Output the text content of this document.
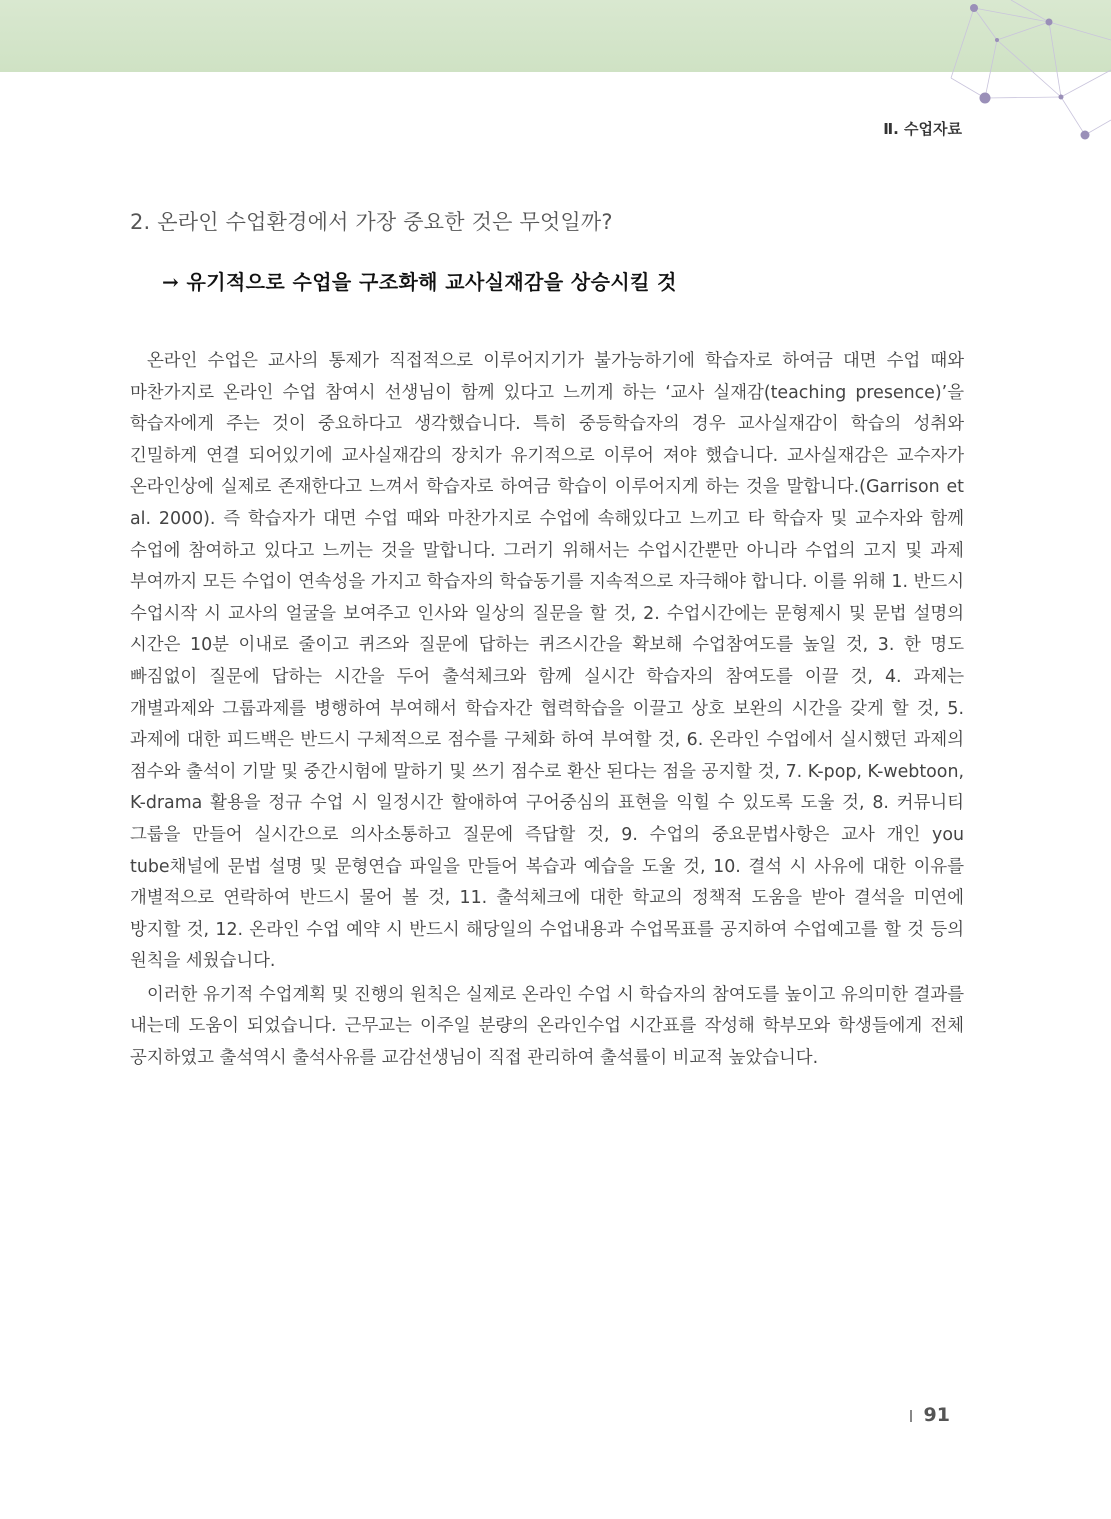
Ⅱ. 수업자료
2. 온라인 수업환경에서 가장 중요한 것은 무엇일까?
→ 유기적으로 수업을 구조화해 교사실재감을 상승시킬 것

온라인 수업은 교사의 통제가 직접적으로 이루어지기가 불가능하기에 학습자로 하여금 대면 수업 때와 마찬가지로 온라인 수업 참여시 선생님이 함께 있다고 느끼게 하는 ‘교사 실재감(teaching presence)’을 학습자에게 주는 것이 중요하다고 생각했습니다. 특히 중등학습자의 경우 교사실재감이 학습의 성취와 긴밀하게 연결 되어있기에 교사실재감의 장치가 유기적으로 이루어 져야 했습니다. 교사실재감은 교수자가 온라인상에 실제로 존재한다고 느껴서 학습자로 하여금 학습이 이루어지게 하는 것을 말합니다.(Garrison et al. 2000). 즉 학습자가 대면 수업 때와 마찬가지로 수업에 속해있다고 느끼고 타 학습자 및 교수자와 함께 수업에 참여하고 있다고 느끼는 것을 말합니다. 그러기 위해서는 수업시간뿐만 아니라 수업의 고지 및 과제 부여까지 모든 수업이 연속성을 가지고 학습자의 학습동기를 지속적으로 자극해야 합니다. 이를 위해 1. 반드시 수업시작 시 교사의 얼굴을 보여주고 인사와 일상의 질문을 할 것, 2. 수업시간에는 문형제시 및 문법 설명의 시간은 10분 이내로 줄이고 퀴즈와 질문에 답하는 퀴즈시간을 확보해 수업참여도를 높일 것, 3. 한 명도 빠짐없이 질문에 답하는 시간을 두어 출석체크와 함께 실시간 학습자의 참여도를 이끌 것, 4. 과제는 개별과제와 그룹과제를 병행하여 부여해서 학습자간 협력학습을 이끌고 상호 보완의 시간을 갖게 할 것, 5. 과제에 대한 피드백은 반드시 구체적으로 점수를 구체화 하여 부여할 것, 6. 온라인 수업에서 실시했던 과제의 점수와 출석이 기말 및 중간시험에 말하기 및 쓰기 점수로 환산 된다는 점을 공지할 것, 7. K-pop, K-webtoon, K-drama 활용을 정규 수업 시 일정시간 할애하여 구어중심의 표현을 익힐 수 있도록 도울 것, 8. 커뮤니티 그룹을 만들어 실시간으로 의사소통하고 질문에 즉답할 것, 9. 수업의 중요문법사항은 교사 개인 you tube채널에 문법 설명 및 문형연습 파일을 만들어 복습과 예습을 도울 것, 10. 결석 시 사유에 대한 이유를 개별적으로 연락하여 반드시 물어 볼 것, 11. 출석체크에 대한 학교의 정책적 도움을 받아 결석을 미연에 방지할 것, 12. 온라인 수업 예약 시 반드시 해당일의 수업내용과 수업목표를 공지하여 수업예고를 할 것 등의 원칙을 세웠습니다.

이러한 유기적 수업계획 및 진행의 원칙은 실제로 온라인 수업 시 학습자의 참여도를 높이고 유의미한 결과를 내는데 도움이 되었습니다. 근무교는 이주일 분량의 온라인수업 시간표를 작성해 학부모와 학생들에게 전체 공지하였고 출석역시 출석사유를 교감선생님이 직접 관리하여 출석률이 비교적 높았습니다.

91
